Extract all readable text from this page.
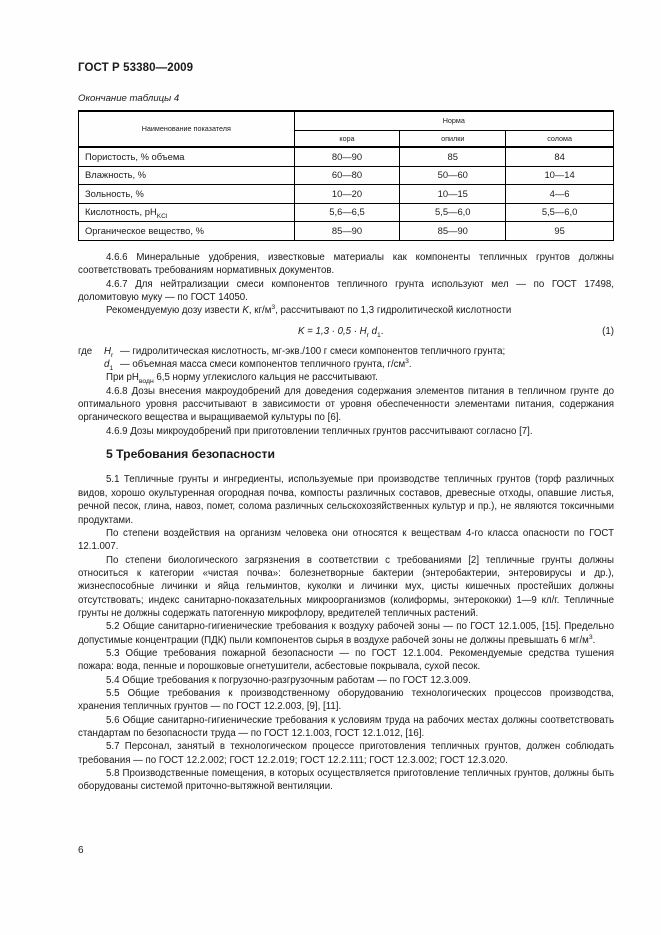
ГОСТ Р 53380—2009
Окончание таблицы 4
Наименование показателя	Норма		
	кора	опилки	солома
Пористость, % объема	80—90	85	84
Влажность, %	60—80	50—60	10—14
Зольность, %	10—20	10—15	4—6
Кислотность, $pH_{KCl}$	5,6—6,5	5,5—6,0	5,5—6,0
Органическое вещество, %	85—90	85—90	95

4.6.6 Минеральные удобрения, известковые материалы как компоненты тепличных грунтов должны соответствовать требованиям нормативных документов.

4.6.7 Для нейтрализации смеси компонентов тепличного грунта используют мел — по ГОСТ 17498, доломитовую муку — по ГОСТ 14050.

Рекомендуемую дозу извести K, $кг/м^3$, рассчитывают по 1,3 гидролитической кислотности

$K = 1,3 \cdot 0,5 \cdot H_r$ $d_1$.	(1)
где $H_r$ — гидролитическая кислотность, мг-экв./100 г смеси компонентов тепличного грунта;
$d_1$ — объемная масса смеси компонентов тепличного грунта, $г/см^3$.

При $pH_{водн}$ 6,5 норму углекислого кальция не рассчитывают.

4.6.8 Дозы внесения макроудобрений для доведения содержания элементов питания в тепличном грунте до оптимального уровня рассчитывают в зависимости от уровня обеспеченности элементами питания, содержания органического вещества и выращиваемой культуры по [6].

4.6.9 Дозы микроудобрений при приготовлении тепличных грунтов рассчитывают согласно [7].

5 Требования безопасности

5.1 Тепличные грунты и ингредиенты, используемые при производстве тепличных грунтов (торф различных видов, хорошо окультуренная огородная почва, компосты различных составов, древесные отходы, опавшие листья, речной песок, глина, навоз, помет, солома различных сельскохозяйственных культур и пр.), не являются токсичными продуктами.

По степени воздействия на организм человека они относятся к веществам 4-го класса опасности по ГОСТ 12.1.007.

По степени биологического загрязнения в соответствии с требованиями [2] тепличные грунты должны относиться к категории «чистая почва»: болезнетворные бактерии (энтеробактерии, энтеровирусы и др.), жизнеспособные личинки и яйца гельминтов, куколки и личинки мух, цисты кишечных простейших должны отсутствовать; индекс санитарно-показательных микроорганизмов (колиформы, энтерококки) 1—9 кл/г. Тепличные грунты не должны содержать патогенную микрофлору, вредителей тепличных растений.

5.2 Общие санитарно-гигиенические требования к воздуху рабочей зоны — по ГОСТ 12.1.005, [15]. Предельно допустимые концентрации (ПДК) пыли компонентов сырья в воздухе рабочей зоны не должны превышать 6 $мг/м^3$.

5.3 Общие требования пожарной безопасности — по ГОСТ 12.1.004. Рекомендуемые средства тушения пожара: вода, пенные и порошковые огнетушители, асбестовые покрывала, сухой песок.

5.4 Общие требования к погрузочно-разгрузочным работам — по ГОСТ 12.3.009.

5.5 Общие требования к производственному оборудованию технологических процессов производства, хранения тепличных грунтов — по ГОСТ 12.2.003, [9], [11].

5.6 Общие санитарно-гигиенические требования к условиям труда на рабочих местах должны соответствовать стандартам по безопасности труда — по ГОСТ 12.1.003, ГОСТ 12.1.012, [16].

5.7 Персонал, занятый в технологическом процессе приготовления тепличных грунтов, должен соблюдать требования — по ГОСТ 12.2.002; ГОСТ 12.2.019; ГОСТ 12.2.111; ГОСТ 12.3.002; ГОСТ 12.3.020.

5.8 Производственные помещения, в которых осуществляется приготовление тепличных грунтов, должны быть оборудованы системой приточно-вытяжной вентиляции.

6
